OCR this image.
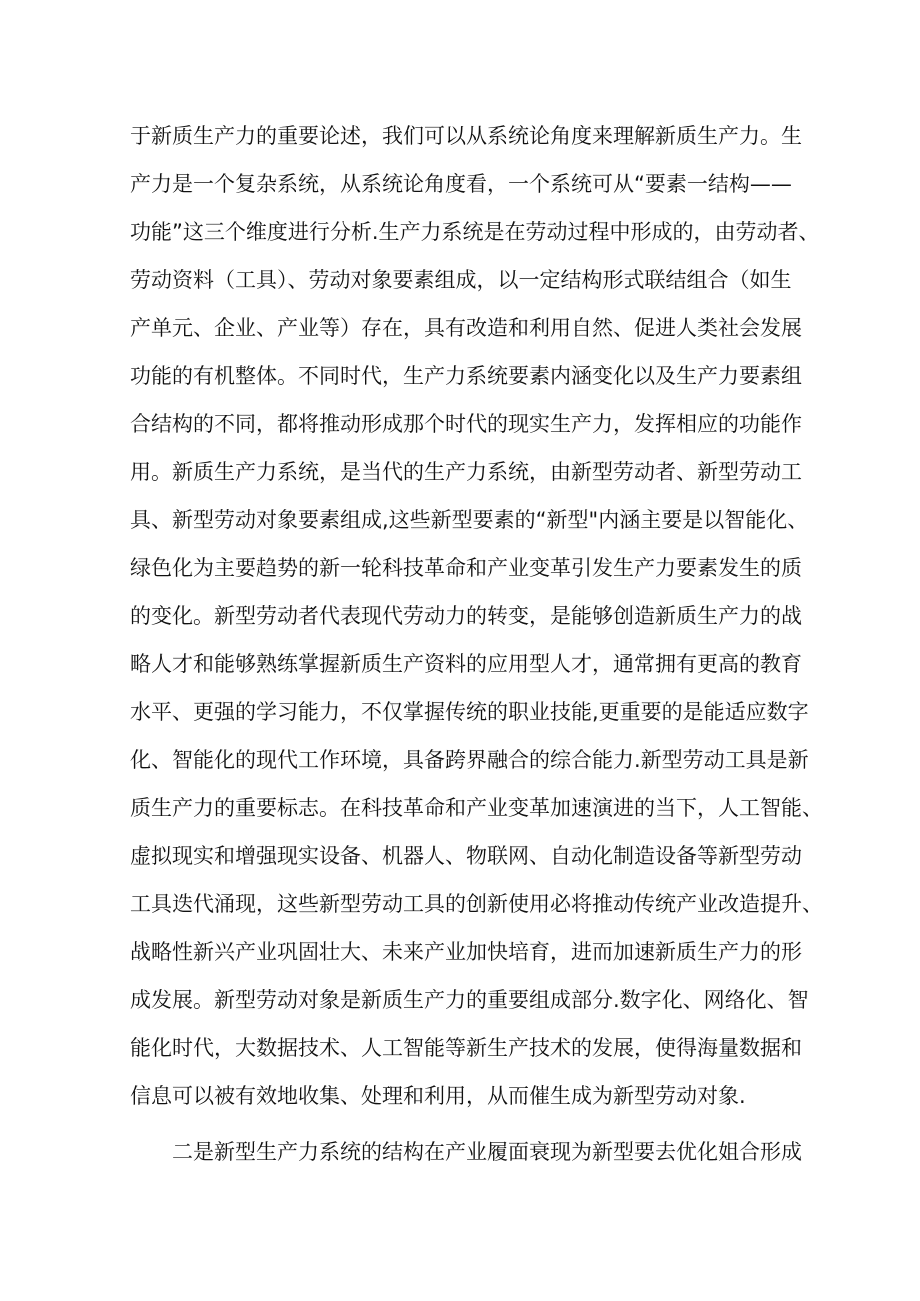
于新质生产力的重要论述，我们可以从系统论角度来理解新质生产力。生
产力是一个复杂系统，从系统论角度看，一个系统可从“要素一结构——
功能”这三个维度进行分析.生产力系统是在劳动过程中形成的，由劳动者、
劳动资料（工具）、劳动对象要素组成，以一定结构形式联结组合（如生
产单元、企业、产业等）存在，具有改造和利用自然、促进人类社会发展
功能的有机整体。不同时代，生产力系统要素内涵变化以及生产力要素组
合结构的不同，都将推动形成那个时代的现实生产力，发挥相应的功能作
用。新质生产力系统，是当代的生产力系统，由新型劳动者、新型劳动工
具、新型劳动对象要素组成,这些新型要素的“新型"内涵主要是以智能化、
绿色化为主要趋势的新一轮科技革命和产业变革引发生产力要素发生的质
的变化。新型劳动者代表现代劳动力的转变，是能够创造新质生产力的战
略人才和能够熟练掌握新质生产资料的应用型人才，通常拥有更高的教育
水平、更强的学习能力，不仅掌握传统的职业技能,更重要的是能适应数字
化、智能化的现代工作环境，具备跨界融合的综合能力.新型劳动工具是新
质生产力的重要标志。在科技革命和产业变革加速演进的当下，人工智能、
虚拟现实和增强现实设备、机器人、物联网、自动化制造设备等新型劳动
工具迭代涌现，这些新型劳动工具的创新使用必将推动传统产业改造提升、
战略性新兴产业巩固壮大、未来产业加快培育，进而加速新质生产力的形
成发展。新型劳动对象是新质生产力的重要组成部分.数字化、网络化、智
能化时代，大数据技术、人工智能等新生产技术的发展，使得海量数据和
信息可以被有效地收集、处理和利用，从而催生成为新型劳动对象.
二是新型生产力系统的结构在产业履面衰现为新型要去优化姐合形成
